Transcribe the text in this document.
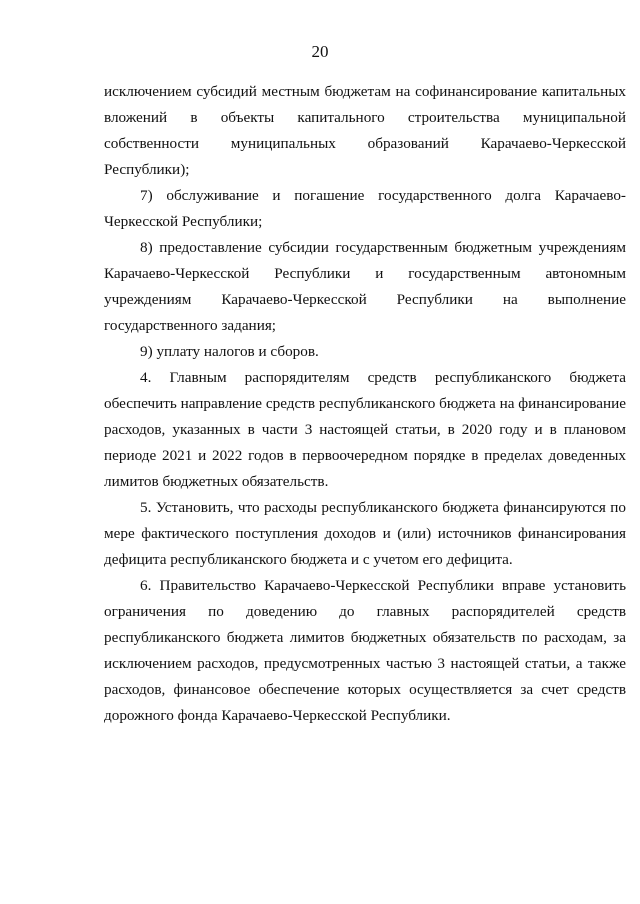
20

исключением субсидий местным бюджетам на софинансирование капитальных вложений в объекты капитального строительства муниципальной собственности муниципальных образований Карачаево-Черкесской Республики);

7) обслуживание и погашение государственного долга Карачаево-Черкесской Республики;

8) предоставление субсидии государственным бюджетным учреждениям Карачаево-Черкесской Республики и государственным автономным учреждениям Карачаево-Черкесской Республики на выполнение государственного задания;

9) уплату налогов и сборов.

4. Главным распорядителям средств республиканского бюджета обеспечить направление средств республиканского бюджета на финансирование расходов, указанных в части 3 настоящей статьи, в 2020 году и в плановом периоде 2021 и 2022 годов в первоочередном порядке в пределах доведенных лимитов бюджетных обязательств.

5. Установить, что расходы республиканского бюджета финансируются по мере фактического поступления доходов и (или) источников финансирования дефицита республиканского бюджета и с учетом его дефицита.

6. Правительство Карачаево-Черкесской Республики вправе установить ограничения по доведению до главных распорядителей средств республиканского бюджета лимитов бюджетных обязательств по расходам, за исключением расходов, предусмотренных частью 3 настоящей статьи, а также расходов, финансовое обеспечение которых осуществляется за счет средств дорожного фонда Карачаево-Черкесской Республики.
